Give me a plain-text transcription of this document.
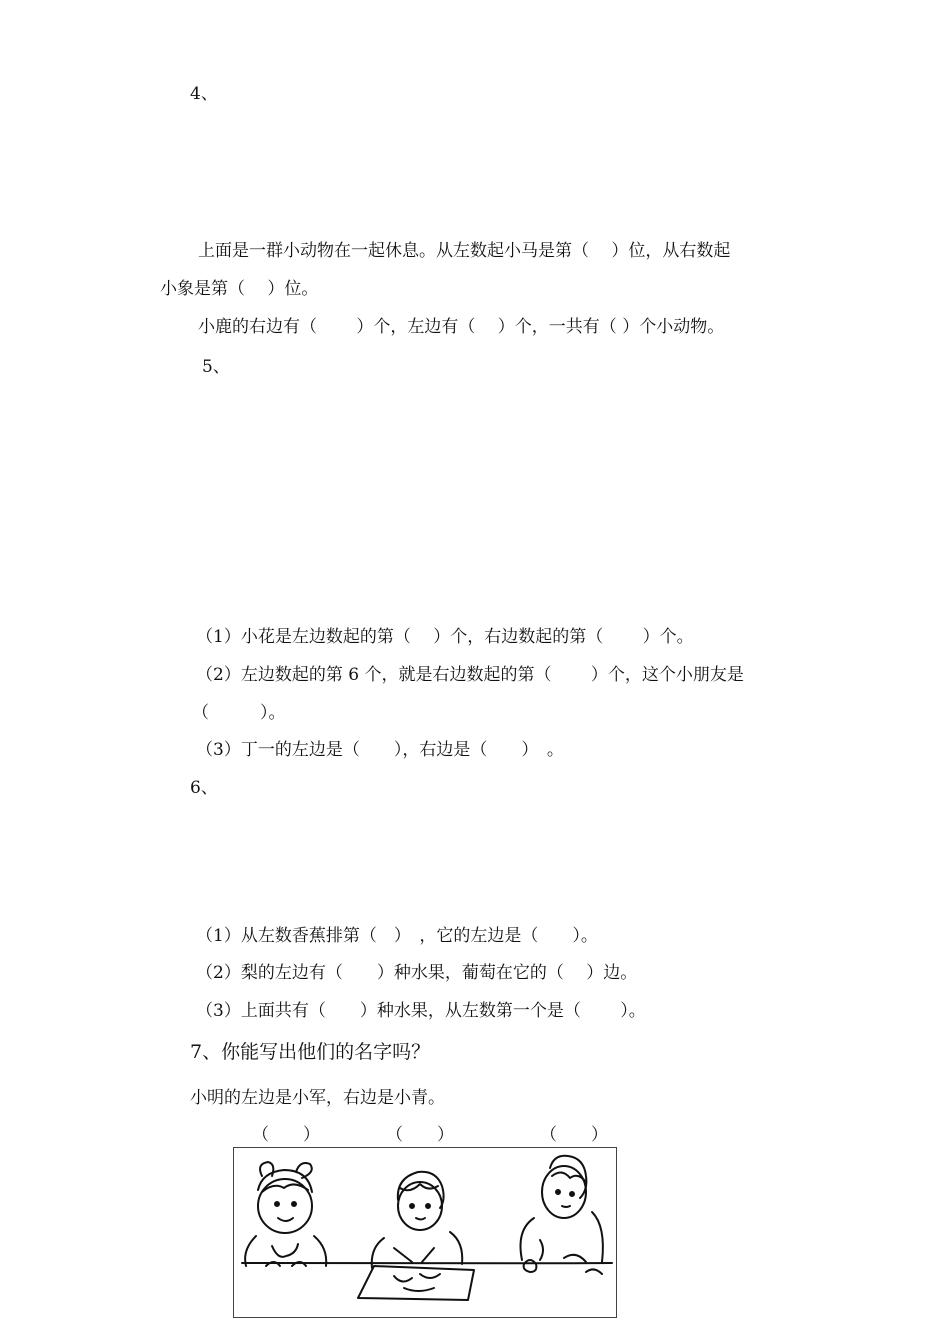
4、
上面是一群小动物在一起休息。从左数起小马是第（　 ）位，从右数起
小象是第（　 ）位。
小鹿的右边有（　　 ）个，左边有（　 ）个，一共有（ ）个小动物。
5、
（1）小花是左边数起的第（　 ）个，右边数起的第（　　 ）个。
（2）左边数起的第 6 个，就是右边数起的第（　　 ）个，这个小朋友是
（　　　）。
（3）丁一的左边是（　　），右边是（　　）　。
6、
（1）从左数香蕉排第（　）　，它的左边是（　　）。
（2）梨的左边有（　　）种水果，葡萄在它的（　 ）边。
（3）上面共有（　　）种水果，从左数第一个是（　　 ）。
7、你能写出他们的名字吗？
小明的左边是小军，右边是小青。
（　　）	（　　）	（　　）
